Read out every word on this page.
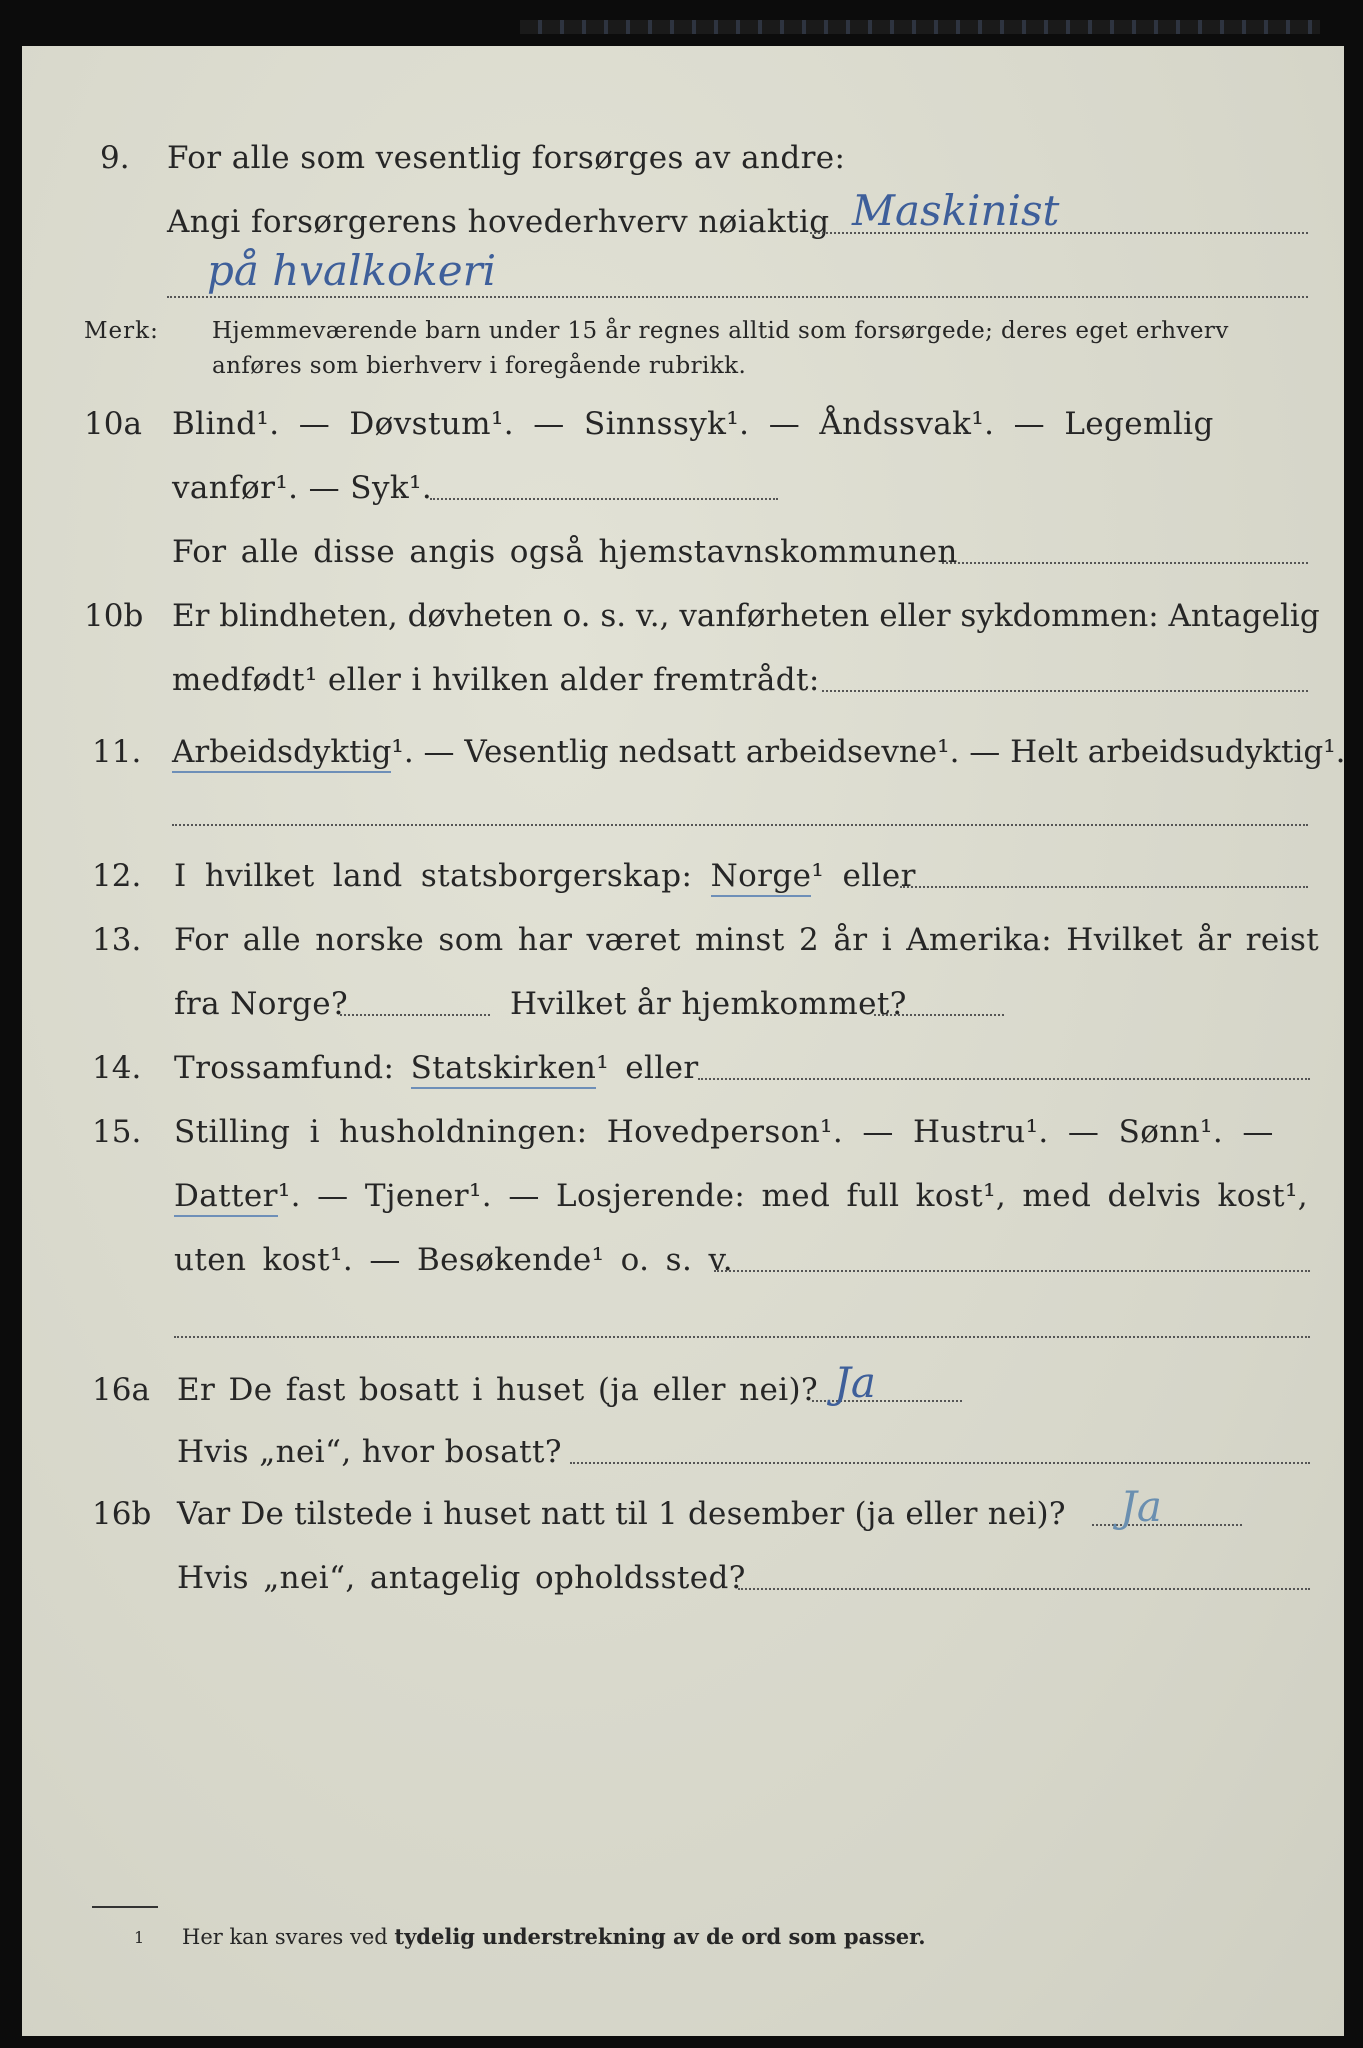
9. For alle som vesentlig forsørges av andre:
Angi forsørgerens hovederhverv nøiaktig Maskinist
på hvalkokeri
Merk: Hjemmeværende barn under 15 år regnes alltid som forsørgede; deres eget erhverv
anføres som bierhverv i foregående rubrikk.
10a Blind¹. — Døvstum¹. — Sinnssyk¹. — Åndssvak¹. — Legemlig
vanfør¹. — Syk¹.
For alle disse angis også hjemstavnskommunen
10b Er blindheten, døvheten o. s. v., vanførheten eller sykdommen: Antagelig
medfødt¹ eller i hvilken alder fremtrådt:
11. Arbeidsdyktig¹. — Vesentlig nedsatt arbeidsevne¹. — Helt arbeidsudyktig¹.
12. I hvilket land statsborgerskap: Norge¹ eller
13. For alle norske som har været minst 2 år i Amerika: Hvilket år reist
fra Norge?	Hvilket år hjemkommet?
14. Trossamfund: Statskirken¹ eller
15. Stilling i husholdningen: Hovedperson¹. — Hustru¹. — Sønn¹. —
Datter¹. — Tjener¹. — Losjerende: med full kost¹, med delvis kost¹,
uten kost¹. — Besøkende¹ o. s. v.
16a Er De fast bosatt i huset (ja eller nei)? Ja
Hvis „nei“, hvor bosatt?
16b Var De tilstede i huset natt til 1 desember (ja eller nei)? Ja
Hvis „nei“, antagelig opholdssted?
1 Her kan svares ved tydelig understrekning av de ord som passer.
